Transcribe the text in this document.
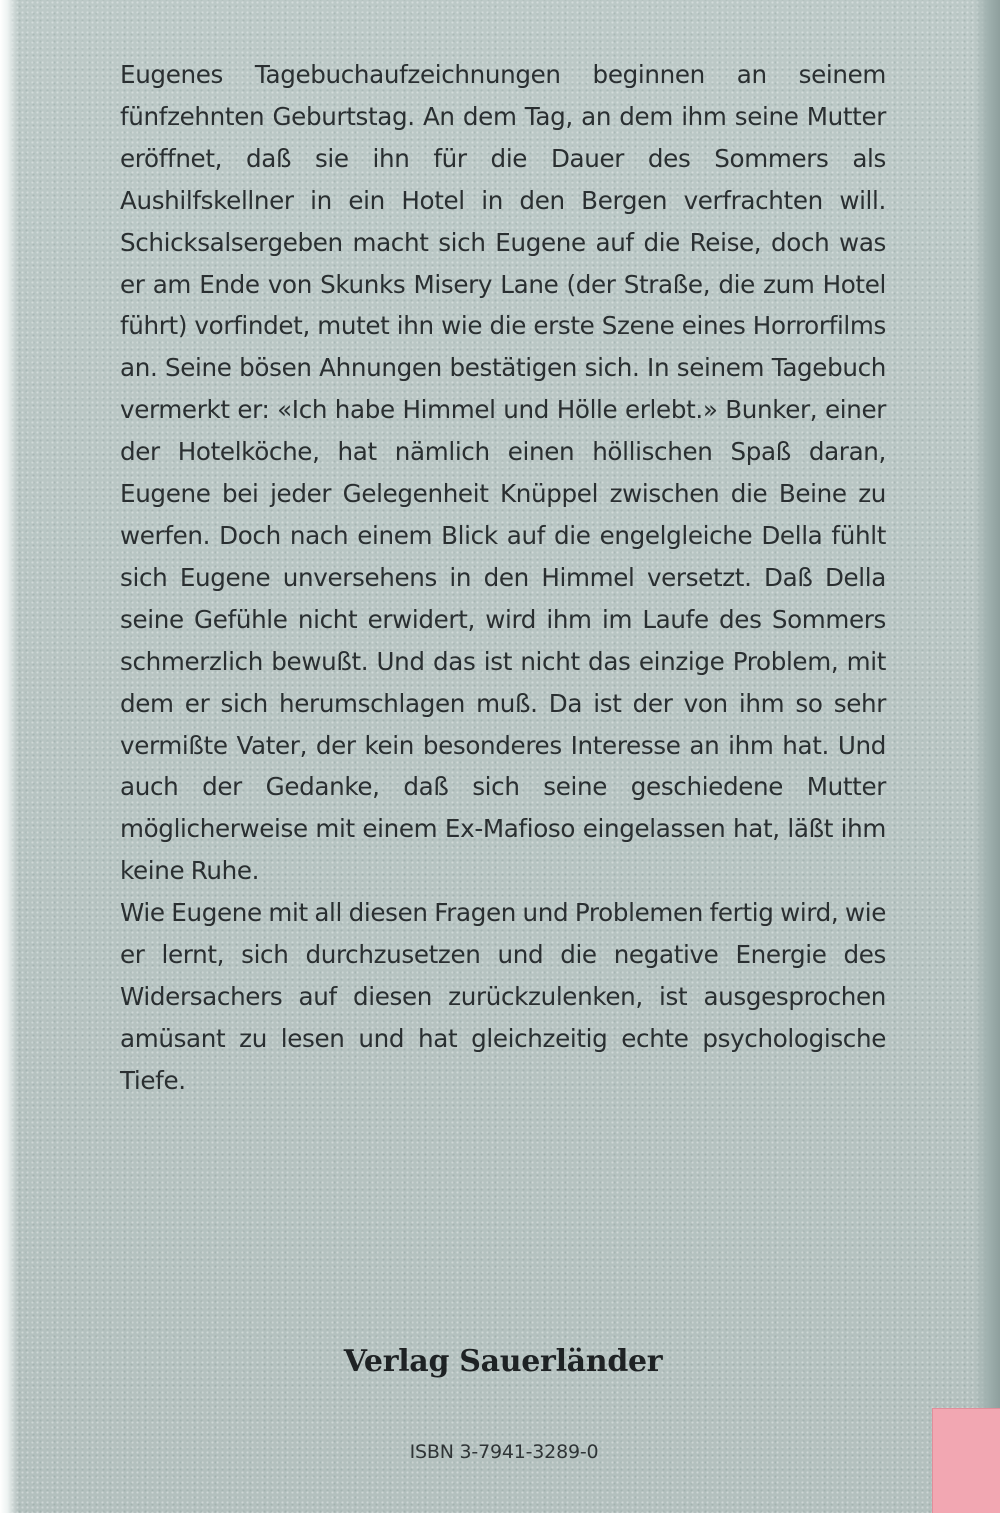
Eugenes Tagebuchaufzeichnungen beginnen an seinem fünfzehnten Geburtstag. An dem Tag, an dem ihm seine Mutter eröffnet, daß sie ihn für die Dauer des Sommers als Aushilfskellner in ein Hotel in den Bergen verfrachten will. Schicksalsergeben macht sich Eugene auf die Reise, doch was er am Ende von Skunks Misery Lane (der Straße, die zum Hotel führt) vorfindet, mutet ihn wie die erste Szene eines Horrorfilms an. Seine bösen Ahnungen bestätigen sich. In seinem Tagebuch vermerkt er: «Ich habe Himmel und Hölle erlebt.» Bunker, einer der Hotelköche, hat nämlich einen höllischen Spaß daran, Eugene bei jeder Gelegenheit Knüppel zwischen die Beine zu werfen. Doch nach einem Blick auf die engelgleiche Della fühlt sich Eugene unversehens in den Himmel versetzt. Daß Della seine Gefühle nicht erwidert, wird ihm im Laufe des Sommers schmerzlich bewußt. Und das ist nicht das einzige Problem, mit dem er sich herumschlagen muß. Da ist der von ihm so sehr vermißte Vater, der kein besonderes Interesse an ihm hat. Und auch der Gedanke, daß sich seine geschiedene Mutter möglicherweise mit einem Ex-Mafioso eingelassen hat, läßt ihm keine Ruhe.

Wie Eugene mit all diesen Fragen und Problemen fertig wird, wie er lernt, sich durchzusetzen und die negative Energie des Widersachers auf diesen zurückzulenken, ist ausgesprochen amüsant zu lesen und hat gleichzeitig echte psychologische Tiefe.

Verlag Sauerländer
ISBN 3-7941-3289-0
